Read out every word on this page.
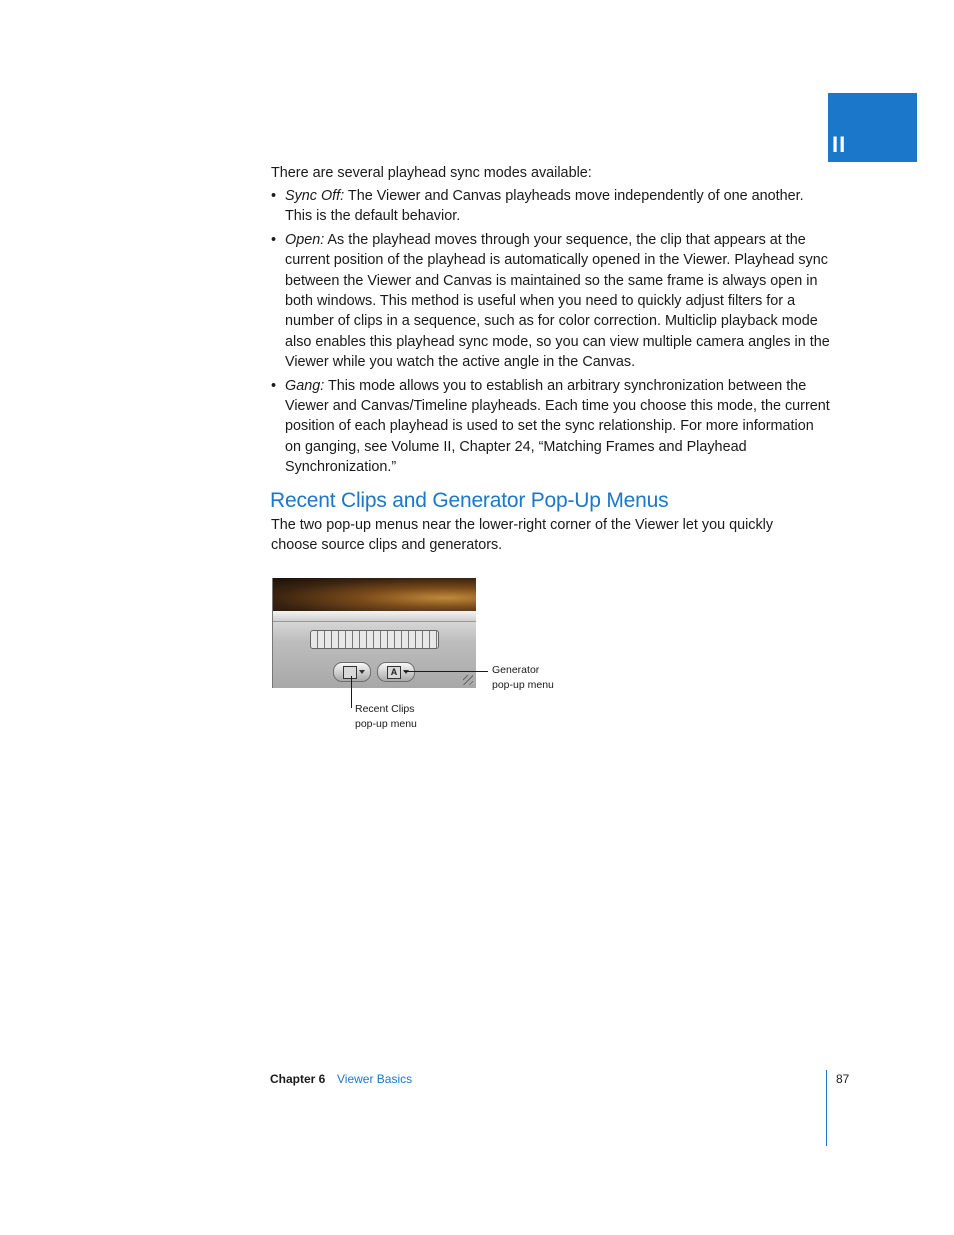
II
There are several playhead sync modes available:
• Sync Off: The Viewer and Canvas playheads move independently of one another. This is the default behavior.
• Open: As the playhead moves through your sequence, the clip that appears at the current position of the playhead is automatically opened in the Viewer. Playhead sync between the Viewer and Canvas is maintained so the same frame is always open in both windows. This method is useful when you need to quickly adjust filters for a number of clips in a sequence, such as for color correction. Multiclip playback mode also enables this playhead sync mode, so you can view multiple camera angles in the Viewer while you watch the active angle in the Canvas.
• Gang: This mode allows you to establish an arbitrary synchronization between the Viewer and Canvas/Timeline playheads. Each time you choose this mode, the current position of each playhead is used to set the sync relationship. For more information on ganging, see Volume II, Chapter 24, “Matching Frames and Playhead Synchronization.”
Recent Clips and Generator Pop-Up Menus
The two pop-up menus near the lower-right corner of the Viewer let you quickly choose source clips and generators.
A	Generator
pop-up menu
Recent Clips
pop-up menu
Chapter 6 Viewer Basics	87
